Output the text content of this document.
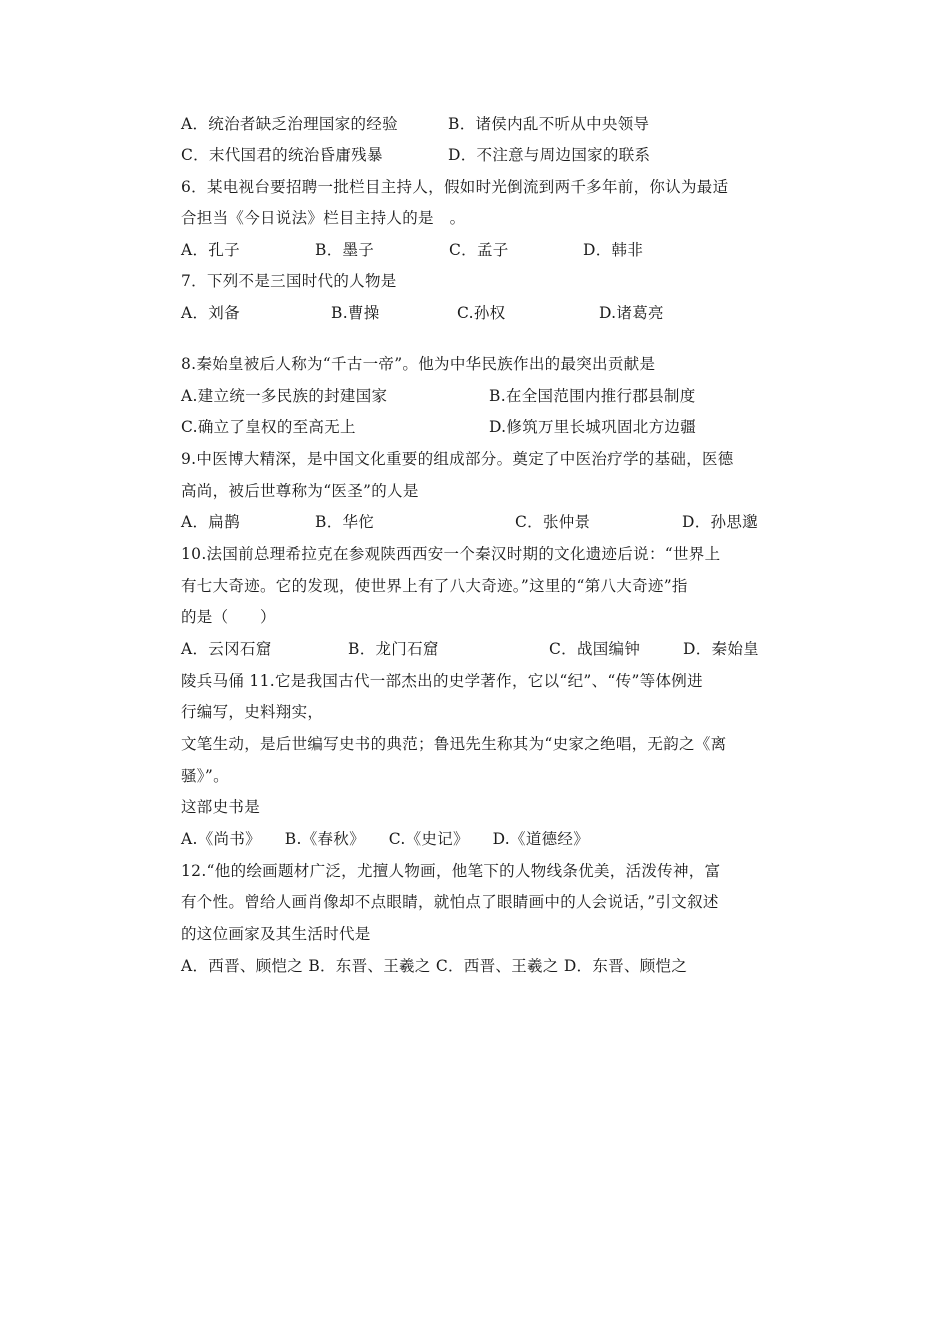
A．统治者缺乏治理国家的经验	B．诸侯内乱不听从中央领导
C．末代国君的统治昏庸残暴	D．不注意与周边国家的联系
6．某电视台要招聘一批栏目主持人，假如时光倒流到两千多年前，你认为最适
合担当《今日说法》栏目主持人的是　。
A．孔子	B．墨子	C．孟子	D．韩非
7．下列不是三国时代的人物是
A．刘备	B.曹操	C.孙权	D.诸葛亮
8.秦始皇被后人称为“千古一帝”。他为中华民族作出的最突出贡献是
A.建立统一多民族的封建国家	B.在全国范围内推行郡县制度
C.确立了皇权的至高无上	D.修筑万里长城巩固北方边疆
9.中医博大精深，是中国文化重要的组成部分。奠定了中医治疗学的基础，医德
高尚，被后世尊称为“医圣”的人是
A．扁鹊	B．华佗	C．张仲景	D．孙思邈
10.法国前总理希拉克在参观陕西西安一个秦汉时期的文化遗迹后说：“世界上
有七大奇迹。它的发现，使世界上有了八大奇迹。”这里的“第八大奇迹”指
的是（　　）
A．云冈石窟	B．龙门石窟	C．战国编钟	D．秦始皇
陵兵马俑 11.它是我国古代一部杰出的史学著作，它以“纪”、“传”等体例进
行编写，史料翔实，
文笔生动，是后世编写史书的典范；鲁迅先生称其为“史家之绝唱，无韵之《离
骚》”。
这部史书是
A.《尚书》　　B.《春秋》　　C.《史记》　　D.《道德经》
12.“他的绘画题材广泛，尤擅人物画，他笔下的人物线条优美，活泼传神，富
有个性。曾给人画肖像却不点眼睛，就怕点了眼睛画中的人会说话，”引文叙述
的这位画家及其生活时代是
A．西晋、顾恺之 B．东晋、王羲之 C．西晋、王羲之 D．东晋、顾恺之
